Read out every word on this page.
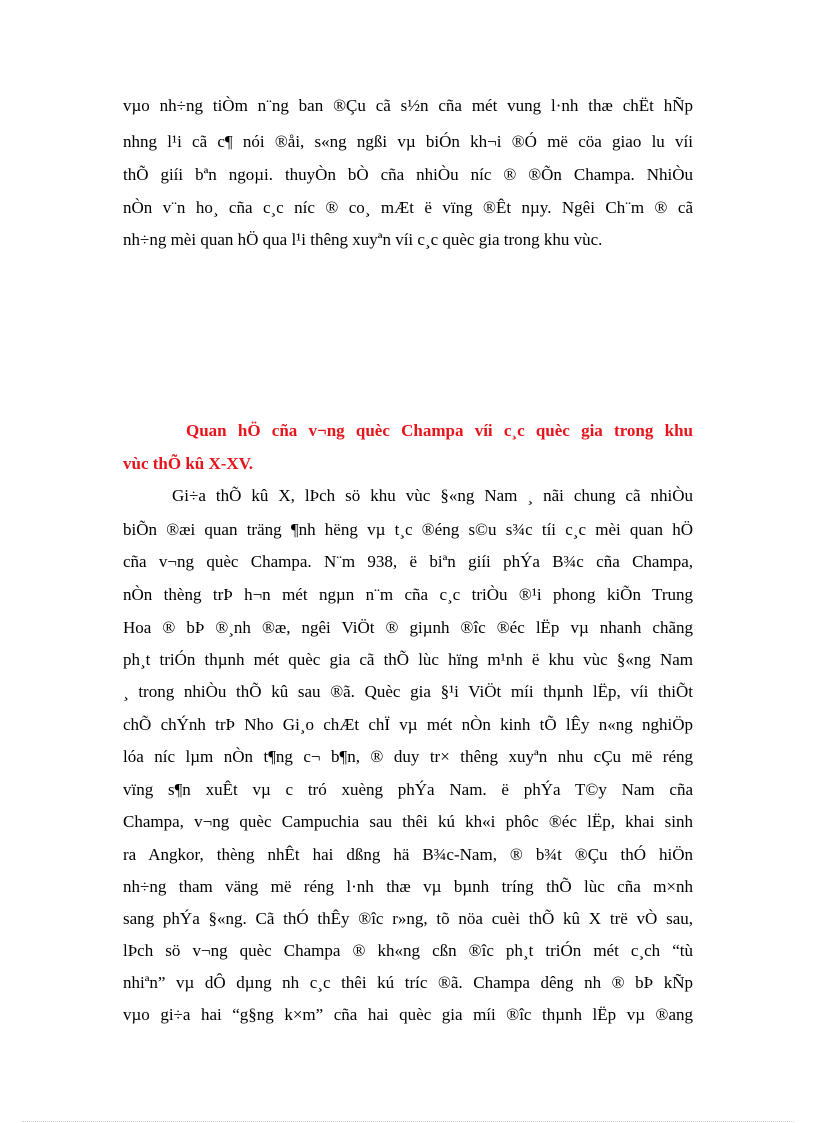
vµo nh÷ng tiÒm n¨ng ban ®Çu cã s½n cña mét vung l·nh thæ chËt hÑp
nhng l¹i cã c¶ nói ®åi, s«ng ngßi vµ biÓn kh¬i ®Ó më cöa giao lu víi
thÕ giíi bªn ngoµi. thuyÒn bÒ cña nhiÒu níc ® ®Õn Champa. NhiÒu
nÒn v¨n ho¸ cña c¸c níc ® co¸ mÆt ë vïng ®Êt nµy. Ngêi Ch¨m ® cã
nh÷ng mèi quan hÖ qua l¹i thêng xuyªn víi c¸c quèc gia trong khu vùc.
Quan hÖ cña v¬ng quèc Champa víi c¸c quèc gia trong khu
vùc thÕ kû X-XV.
Gi÷a thÕ kû X, lÞch sö khu vùc §«ng Nam ¸ nãi chung cã nhiÒu
biÕn ®æi quan träng ¶nh hëng vµ t¸c ®éng s©u s¾c tíi c¸c mèi quan hÖ
cña v¬ng quèc Champa. N¨m 938, ë biªn giíi phÝa B¾c cña Champa,
nÒn thèng trÞ h¬n mét ngµn n¨m cña c¸c triÒu ®¹i phong kiÕn Trung
Hoa ® bÞ ®¸nh ®æ, ngêi ViÖt ® giµnh ®îc ®éc lËp vµ nhanh chãng
ph¸t triÓn thµnh mét quèc gia cã thÕ lùc hïng m¹nh ë khu vùc §«ng Nam
¸ trong nhiÒu thÕ kû sau ®ã. Quèc gia §¹i ViÖt míi thµnh lËp, víi thiÕt
chÕ chÝnh trÞ Nho Gi¸o chÆt chÏ vµ mét nÒn kinh tÕ lÊy n«ng nghiÖp
lóa níc lµm nÒn t¶ng c¬ b¶n, ® duy tr× thêng xuyªn nhu cÇu më réng
vïng s¶n xuÊt vµ c tró xuèng phÝa Nam. ë phÝa T©y Nam cña
Champa, v¬ng quèc Campuchia sau thêi kú kh«i phôc ®éc lËp, khai sinh
ra Angkor, thèng nhÊt hai dßng hä B¾c-Nam, ® b¾t ®Çu thÓ hiÖn
nh÷ng tham väng më réng l·nh thæ vµ bµnh tríng thÕ lùc cña m×nh
sang phÝa §«ng. Cã thÓ thÊy ®îc r»ng, tõ nöa cuèi thÕ kû X trë vÒ sau,
lÞch sö v¬ng quèc Champa ® kh«ng cßn ®îc ph¸t triÓn mét c¸ch “tù
nhiªn” vµ dÔ dµng nh c¸c thêi kú tríc ®ã. Champa dêng nh ® bÞ kÑp
vµo gi÷a hai “g§ng k×m” cña hai quèc gia míi ®îc thµnh lËp vµ ®ang
